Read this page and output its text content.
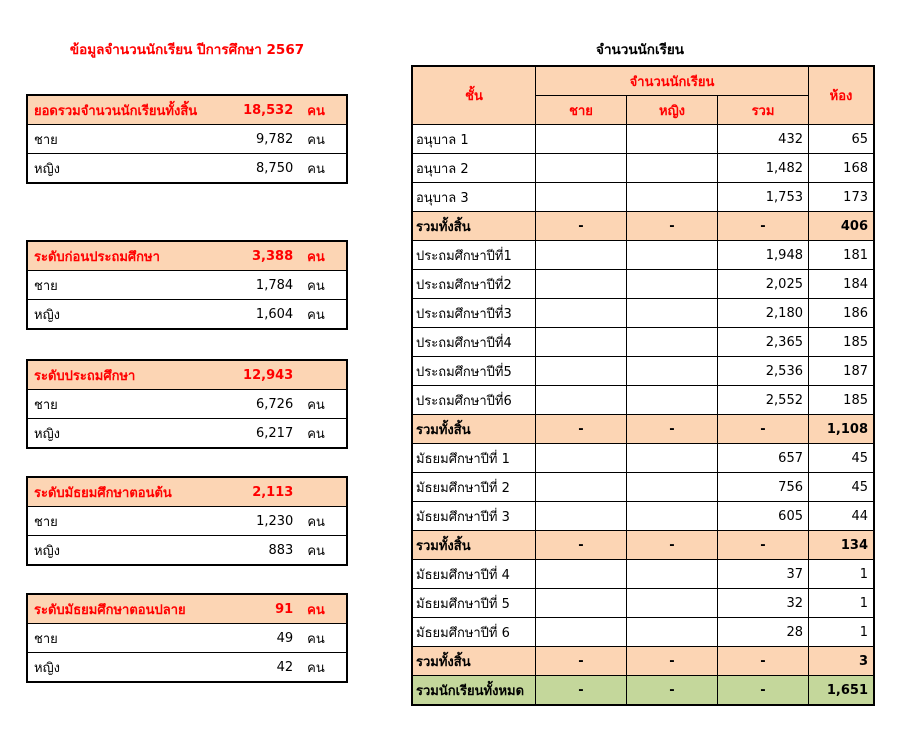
ข้อมูลจำนวนนักเรียน ปีการศึกษา 2567	จำนวนนักเรียน
ยอดรวมจำนวนนักเรียนทั้งสิ้น	18,532	คน
ชาย	9,782	คน
หญิง	8,750	คน
ระดับก่อนประถมศึกษา	3,388	คน
ชาย	1,784	คน
หญิง	1,604	คน
ระดับประถมศึกษา	12,943	
ชาย	6,726	คน
หญิง	6,217	คน
ระดับมัธยมศึกษาตอนต้น	2,113	
ชาย	1,230	คน
หญิง	883	คน
ระดับมัธยมศึกษาตอนปลาย	91	คน
ชาย	49	คน
หญิง	42	คน
ชั้น	จำนวนนักเรียน			ห้อง
	ชาย	หญิง	รวม	
อนุบาล 1			432	65
อนุบาล 2			1,482	168
อนุบาล 3			1,753	173
รวมทั้งสิ้น	-	-	-	406
ประถมศึกษาปีที่1			1,948	181
ประถมศึกษาปีที่2			2,025	184
ประถมศึกษาปีที่3			2,180	186
ประถมศึกษาปีที่4			2,365	185
ประถมศึกษาปีที่5			2,536	187
ประถมศึกษาปีที่6			2,552	185
รวมทั้งสิ้น	-	-	-	1,108
มัธยมศึกษาปีที่ 1			657	45
มัธยมศึกษาปีที่ 2			756	45
มัธยมศึกษาปีที่ 3			605	44
รวมทั้งสิ้น	-	-	-	134
มัธยมศึกษาปีที่ 4			37	1
มัธยมศึกษาปีที่ 5			32	1
มัธยมศึกษาปีที่ 6			28	1
รวมทั้งสิ้น	-	-	-	3
รวมนักเรียนทั้งหมด	-	-	-	1,651
